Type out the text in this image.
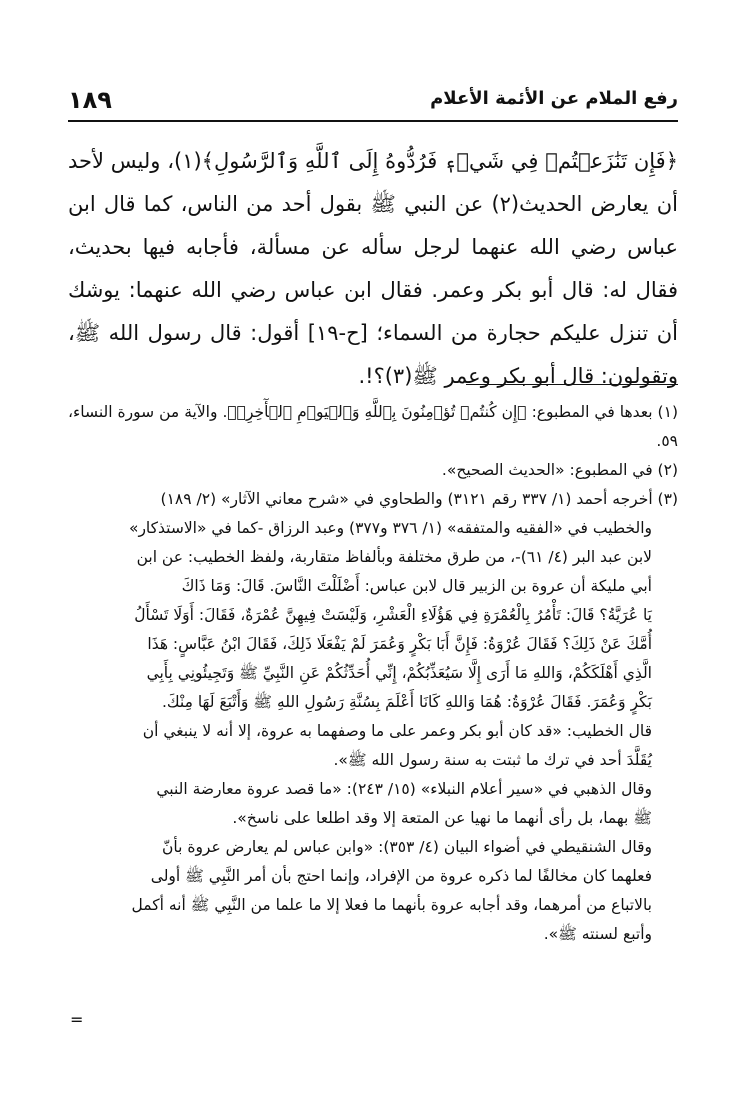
١٨٩	رفع الملام عن الأئمة الأعلام

﴿فَإِن تَنَٰزَعۡتُمۡ فِي شَيۡءٖ فَرُدُّوهُ إِلَى ٱللَّهِ وَٱلرَّسُولِ﴾(١)، وليس لأحد أن يعارض الحديث(٢) عن النبي ﷺ بقول أحد من الناس، كما قال ابن عباس رضي الله عنهما لرجل سأله عن مسألة، فأجابه فيها بحديث، فقال له: قال أبو بكر وعمر. فقال ابن عباس رضي الله عنهما: يوشك أن تنزل عليكم حجارة من السماء؛ [ح-١٩] أقول: قال رسول الله ﷺ، وتقولون: قال أبو بكر وعمر ﷺ(٣)؟!.

(١) بعدها في المطبوع: ﴿إِن كُنتُمۡ تُؤۡمِنُونَ بِٱللَّهِ وَٱلۡيَوۡمِ ٱلۡأٓخِرِۚ﴾. والآية من سورة النساء، ٥٩.

(٢) في المطبوع: «الحديث الصحيح».

(٣) أخرجه أحمد (١/ ٣٣٧ رقم ٣١٢١) والطحاوي في «شرح معاني الآثار» (٢/ ١٨٩)

والخطيب في «الفقيه والمتفقه» (١/ ٣٧٦ و٣٧٧) وعبد الرزاق -كما في «الاستذكار»
لابن عبد البر (٤/ ٦١)-، من طرق مختلفة وبألفاظ متقاربة، ولفظ الخطيب: عن ابن
أبي مليكة أن عروة بن الزبير قال لابن عباس: أَضْلَلْتَ النَّاسَ. قَالَ: وَمَا ذَاكَ
يَا عُرَيَّةُ؟ قَالَ: تَأْمُرُ بِالْعُمْرَةِ فِي هَؤُلَاءِ الْعَشْرِ، وَلَيْسَتْ فِيهِنَّ عُمْرَةٌ، فَقَالَ: أَوَلَا تَسْأَلُ
أُمَّكَ عَنْ ذَلِكَ؟ فَقَالَ عُرْوَةُ: فَإِنَّ أَبَا بَكْرٍ وَعُمَرَ لَمْ يَفْعَلَا ذَلِكَ، فَقَالَ ابْنُ عَبَّاسٍ: هَذَا
الَّذِي أَهْلَكَكُمْ، وَاللهِ مَا أَرَى إِلَّا سَيُعَذِّبُكُمْ، إِنِّي أُحَدِّثُكُمْ عَنِ النَّبِيِّ ﷺ وَتَجِيئُونِي بِأَبِي
بَكْرٍ وَعُمَرَ. فَقَالَ عُرْوَةُ: هُمَا وَاللهِ كَانَا أَعْلَمَ بِسُنَّةِ رَسُولِ اللهِ ﷺ وَأَتْبَعَ لَهَا مِنْكَ.
قال الخطيب: «قد كان أبو بكر وعمر على ما وصفهما به عروة، إلا أنه لا ينبغي أن
يُقَلَّدَ أحد في ترك ما ثبتت به سنة رسول الله ﷺ».
وقال الذهبي في «سير أعلام النبلاء» (١٥/ ٢٤٣): «ما قصد عروة معارضة النبي
ﷺ بهما، بل رأى أنهما ما نهيا عن المتعة إلا وقد اطلعا على ناسخ».
وقال الشنقيطي في أضواء البيان (٤/ ٣٥٣): «وابن عباس لم يعارض عروة بأنّ
فعلهما كان مخالفًا لما ذكره عروة من الإفراد، وإنما احتج بأن أمر النَّبِي ﷺ أولى
بالاتباع من أمرهما، وقد أجابه عروة بأنهما ما فعلا إلا ما علما من النَّبِي ﷺ أنه أكمل
وأتبع لسنته ﷺ».
=
